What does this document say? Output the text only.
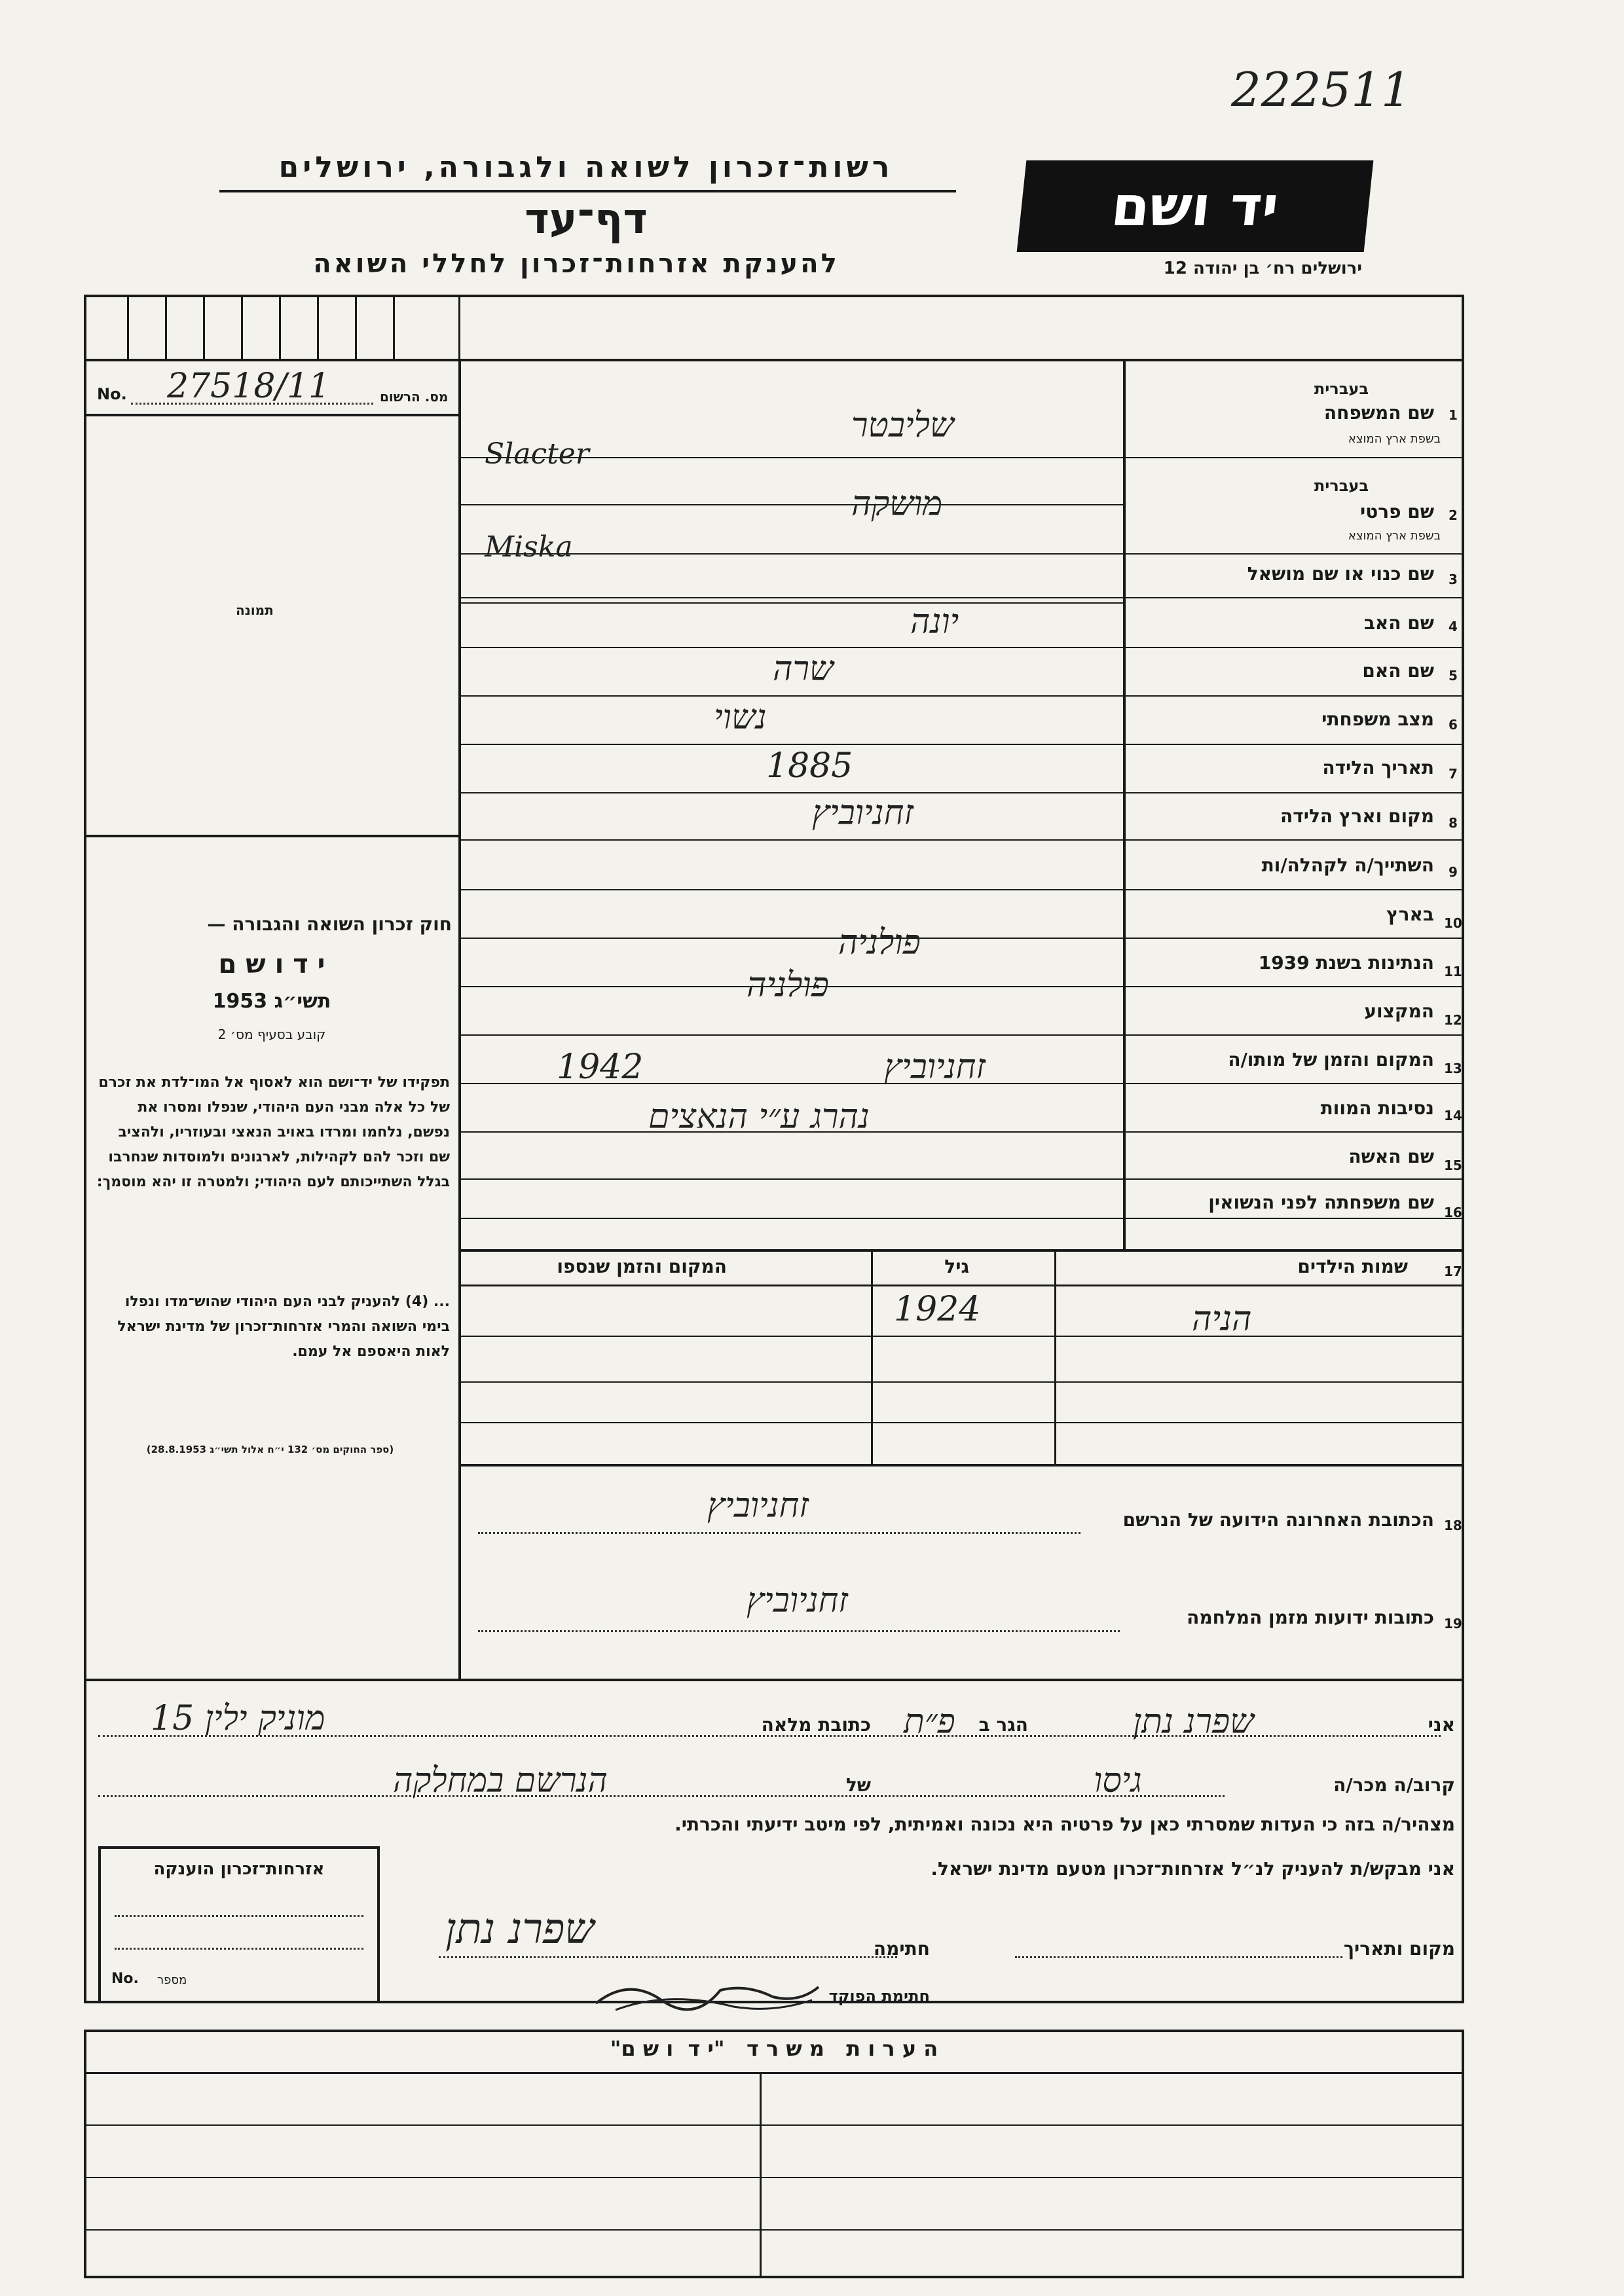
222511
רשות־זכרון לשואה ולגבורה, ירושלים
דף־עד
להענקת אזרחות־זכרון לחללי השואה
יד ושם
ירושלים רח׳ בן יהודה 12
No. 27518/11	מס. הרשום
תמונה
חוק זכרון השואה והגבורה —
י ד ו ש ם
תשי״ג 1953
קובע בסעיף מס׳ 2
תפקידו של יד־ושם הוא לאסוף אל המו־לדת את זכרם של כל אלה מבני העם היהודי, שנפלו ומסרו את נפשם, נלחמו ומרדו באויב הנאצי ובעוזריו, ולהציב שם וזכר להם לקהילות, לארגונים ולמוסדות שנחרבו בגלל השתייכותם לעם היהודי; ולמטרה זו יהא מוסמך:
... (4) להעניק לבני העם היהודי שהוש־מדו ונפלו בימי השואה והמרי אזרחות־זכרון של מדינת ישראל לאות היאספם אל עמם.
(ספר החוקים מס׳ 132 י״ח אלול תשי״ג 28.8.1953)
1
שם המשפחה
בעברית
בשפת ארץ המוצא
שליבטר
Slacter
2
שם פרטי
בעברית
בשפת ארץ המוצא
מושקה
Miska
3
שם כנוי או שם מושאל
4
שם האב
יונה
5
שם האם
שרה
6
מצב משפחתי
נשוי
7
תאריך הלידה
1885
8
מקום וארץ הלידה
זחניוביץ
9
השתייך/ה לקהלה/ות
10
בארץ
פולניה
11
הנתינות בשנת 1939
פולניה
12
המקצוע
13
המקום והזמן של מותו/ה
1942	זחניוביץ
14
נסיבות המוות
נהרג ע״י הנאצים
15
שם האשה
16
שם משפחתה לפני הנשואין
17
שמות הילדים
גיל
המקום והזמן שנספו
הניה
1924
18
הכתובת האחרונה הידועה של הנרשם
זחניוביץ
19
כתובות ידועות מזמן המלחמה
זחניוביץ
אני
שפרנ נתן
הגר ב
פ״ת
כתובת מלאה
מוניק ילין 15
קרוב/ה מכר/ה
גיסו
של
הנרשם במחלקה
מצהיר/ה בזה כי העדות שמסרתי כאן על פרטיה היא נכונה ואמיתית, לפי מיטב ידיעתי והכרתי.
אני מבקש/ת להעניק לנ״ל אזרחות־זכרון מטעם מדינת ישראל.
מקום ותאריך
חתימה
שפרנ נתן
חתימת הפוקד
אזרחות־זכרון הוענקה
No. מספר
ה ע ר ו ת   מ ש ר ד   "י ד  ו ש ם"
